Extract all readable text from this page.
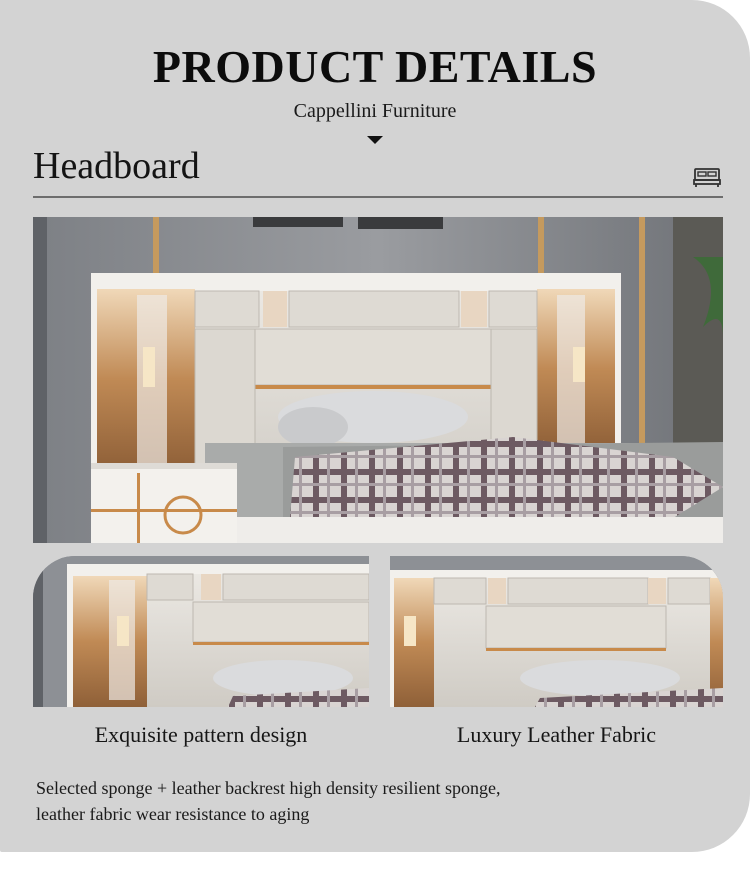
PRODUCT DETAILS
Cappellini Furniture
Headboard
Exquisite pattern design	Luxury Leather Fabric
Selected sponge + leather backrest high density resilient sponge,
leather fabric wear resistance to aging
